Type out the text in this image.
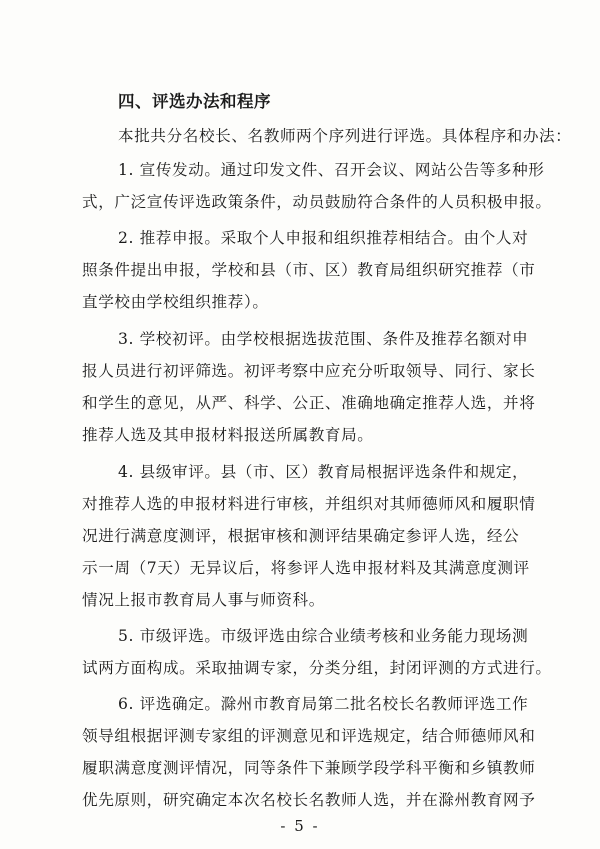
四、评选办法和程序
本批共分名校长、名教师两个序列进行评选。具体程序和办法：
1. 宣传发动。通过印发文件、召开会议、网站公告等多种形
式，广泛宣传评选政策条件，动员鼓励符合条件的人员积极申报。
2. 推荐申报。采取个人申报和组织推荐相结合。由个人对
照条件提出申报，学校和县（市、区）教育局组织研究推荐（市
直学校由学校组织推荐）。
3. 学校初评。由学校根据选拔范围、条件及推荐名额对申
报人员进行初评筛选。初评考察中应充分听取领导、同行、家长
和学生的意见，从严、科学、公正、准确地确定推荐人选，并将
推荐人选及其申报材料报送所属教育局。
4. 县级审评。县（市、区）教育局根据评选条件和规定，
对推荐人选的申报材料进行审核，并组织对其师德师风和履职情
况进行满意度测评，根据审核和测评结果确定参评人选，经公
示一周（7天）无异议后，将参评人选申报材料及其满意度测评
情况上报市教育局人事与师资科。
5. 市级评选。市级评选由综合业绩考核和业务能力现场测
试两方面构成。采取抽调专家，分类分组，封闭评测的方式进行。
6. 评选确定。滁州市教育局第二批名校长名教师评选工作
领导组根据评测专家组的评测意见和评选规定，结合师德师风和
履职满意度测评情况，同等条件下兼顾学段学科平衡和乡镇教师
优先原则，研究确定本次名校长名教师人选，并在滁州教育网予
- 5 -
